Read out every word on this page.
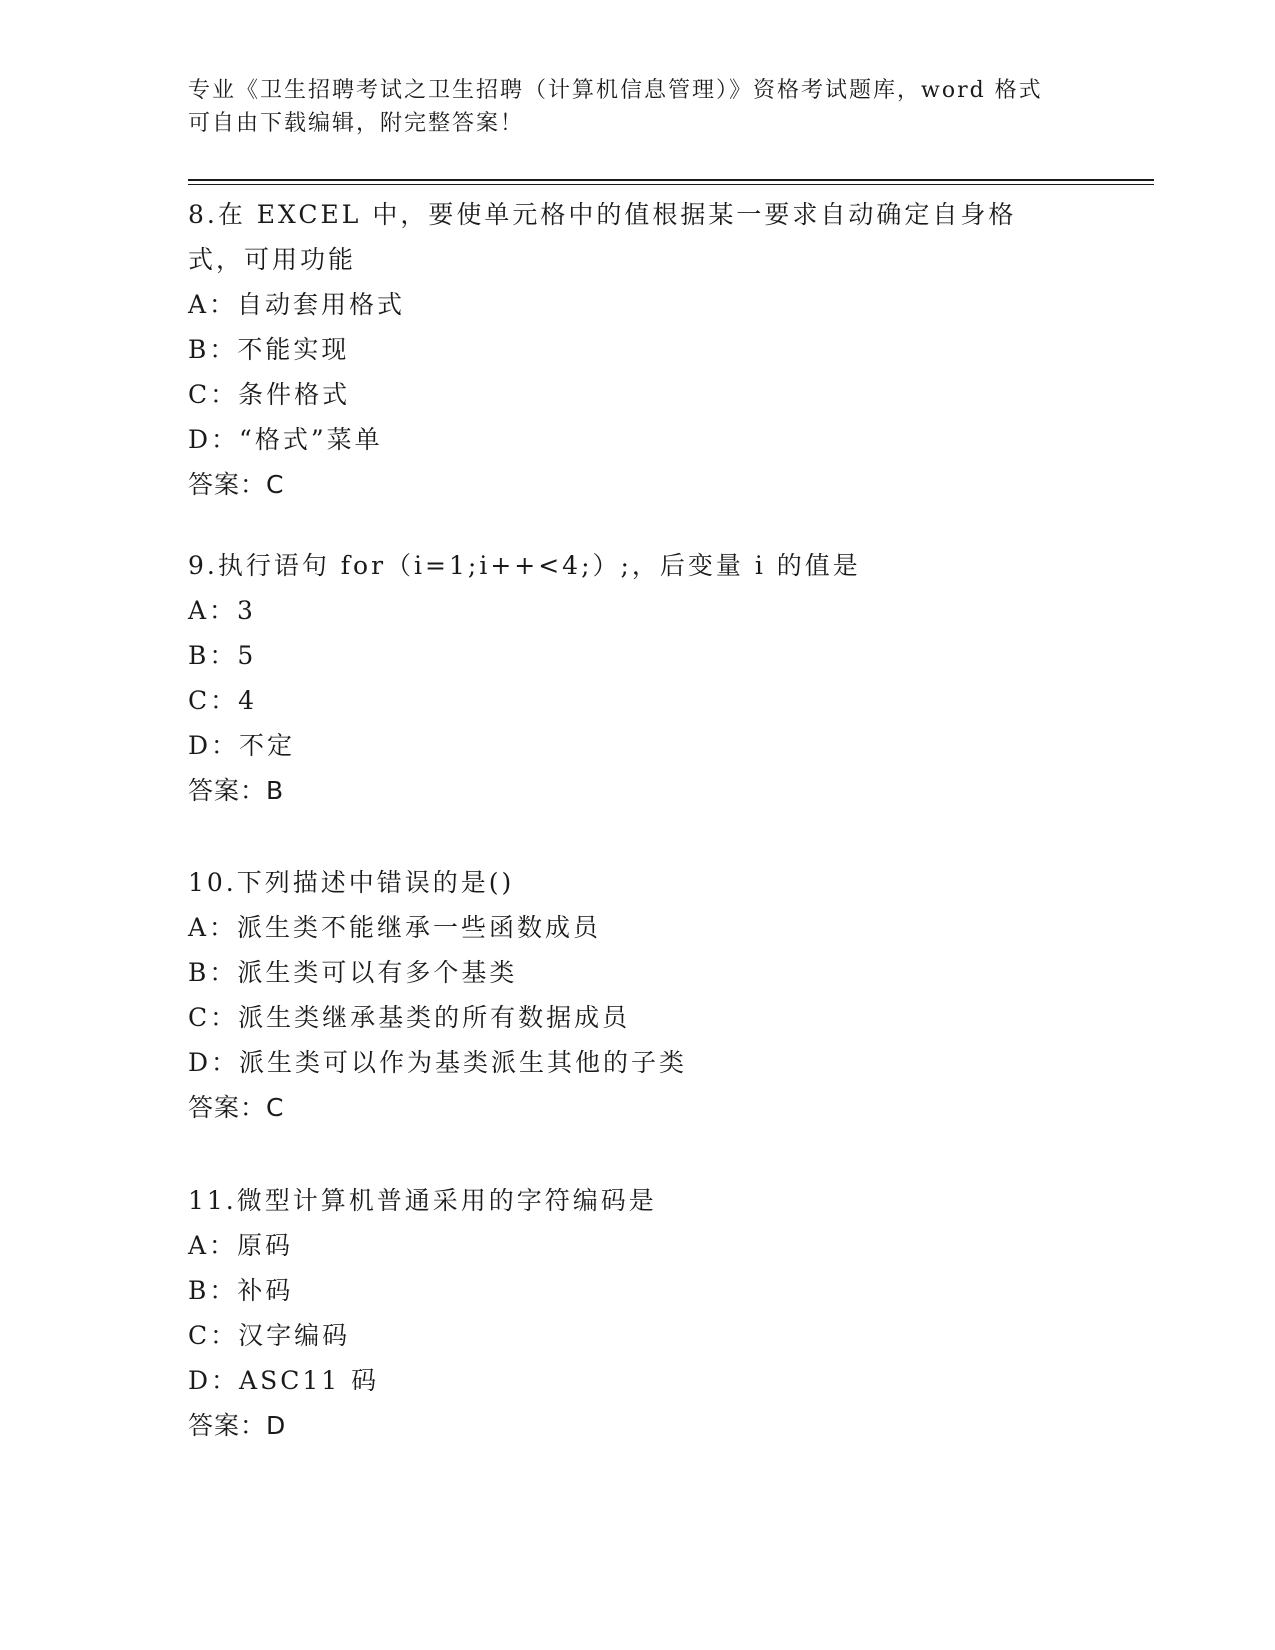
专业《卫生招聘考试之卫生招聘（计算机信息管理）》资格考试题库，word 格式
可自由下载编辑，附完整答案！

8.在 EXCEL 中，要使单元格中的值根据某一要求自动确定自身格式，可用功能

A：自动套用格式

B：不能实现

C：条件格式

D：“格式”菜单

答案：C

9.执行语句 for（i=1;i++<4;）;，后变量 i 的值是

A：3

B：5

C：4

D：不定

答案：B

10.下列描述中错误的是()

A：派生类不能继承一些函数成员

B：派生类可以有多个基类

C：派生类继承基类的所有数据成员

D：派生类可以作为基类派生其他的子类

答案：C

11.微型计算机普通采用的字符编码是

A：原码

B：补码

C：汉字编码

D：ASC11 码

答案：D
